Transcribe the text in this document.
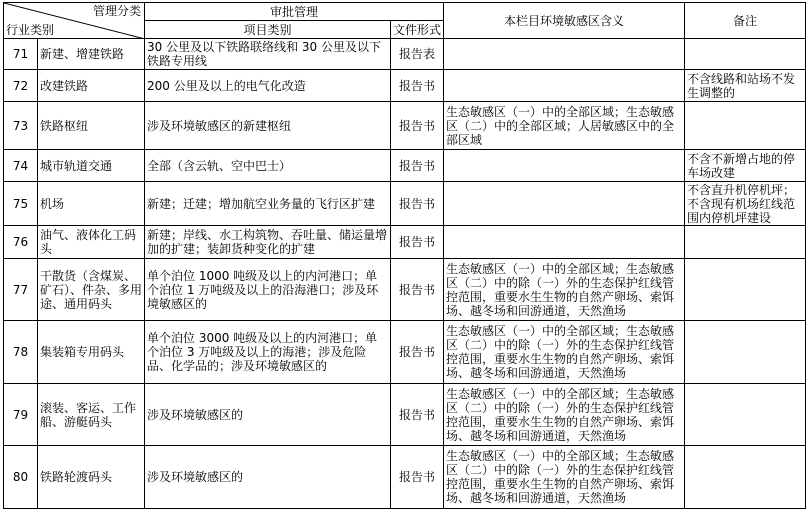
管理分类
行业类别		审批管理		本栏目环境敏感区含义	备注
		项目类别	文件形式		
71	新建、增建铁路	30 公里及以下铁路联络线和 30 公里及以下铁路专用线	报告表		
72	改建铁路	200 公里及以上的电气化改造	报告书		不含线路和站场不发生调整的
73	铁路枢纽	涉及环境敏感区的新建枢纽	报告书	生态敏感区（一）中的全部区域；生态敏感区（二）中的全部区域；人居敏感区中的全部区域	
74	城市轨道交通	全部（含云轨、空中巴士）	报告书		不含不新增占地的停车场改建
75	机场	新建；迁建；增加航空业务量的飞行区扩建	报告书		不含直升机停机坪；不含现有机场红线范围内停机坪建设
76	油气、液体化工码头	新建；岸线、水工构筑物、吞吐量、储运量增加的扩建；装卸货种变化的扩建	报告书		
77	干散货（含煤炭、矿石）、件杂、多用途、通用码头	单个泊位 1000 吨级及以上的内河港口；单个泊位 1 万吨级及以上的沿海港口；涉及环境敏感区的	报告书	生态敏感区（一）中的全部区域；生态敏感区（二）中的除（一）外的生态保护红线管控范围，重要水生生物的自然产卵场、索饵场、越冬场和回游通道，天然渔场	
78	集装箱专用码头	单个泊位 3000 吨级及以上的内河港口；单个泊位 3 万吨级及以上的海港；涉及危险品、化学品的；涉及环境敏感区的	报告书	生态敏感区（一）中的全部区域；生态敏感区（二）中的除（一）外的生态保护红线管控范围，重要水生生物的自然产卵场、索饵场、越冬场和回游通道，天然渔场	
79	滚装、客运、工作船、游艇码头	涉及环境敏感区的	报告书	生态敏感区（一）中的全部区域；生态敏感区（二）中的除（一）外的生态保护红线管控范围，重要水生生物的自然产卵场、索饵场、越冬场和回游通道，天然渔场	
80	铁路轮渡码头	涉及环境敏感区的	报告书	生态敏感区（一）中的全部区域；生态敏感区（二）中的除（一）外的生态保护红线管控范围，重要水生生物的自然产卵场、索饵场、越冬场和回游通道，天然渔场	
